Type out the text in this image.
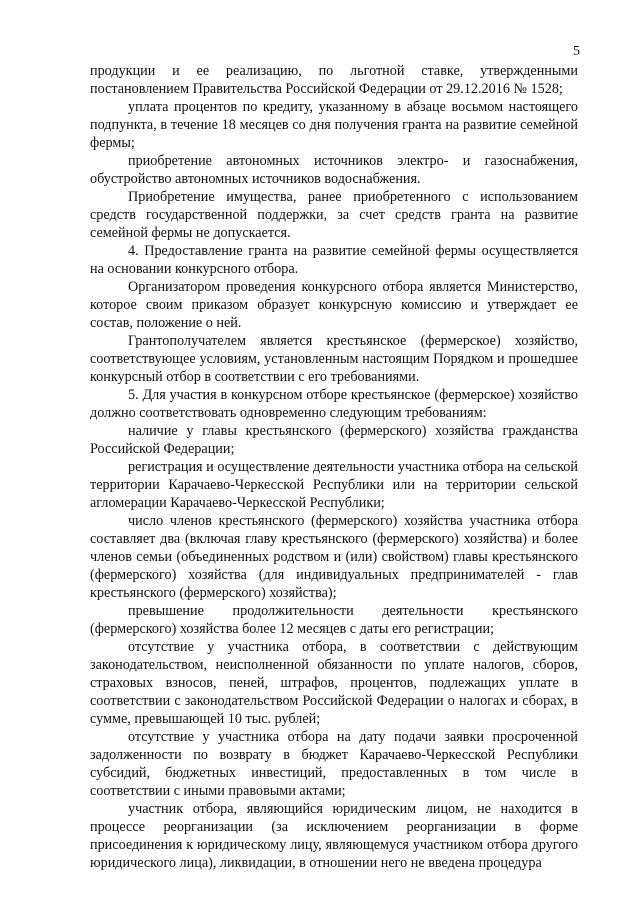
5

продукции и ее реализацию, по льготной ставке, утвержденными постановлением Правительства Российской Федерации от 29.12.2016 № 1528;

уплата процентов по кредиту, указанному в абзаце восьмом настоящего подпункта, в течение 18 месяцев со дня получения гранта на развитие семейной фермы;

приобретение автономных источников электро- и газоснабжения, обустройство автономных источников водоснабжения.

Приобретение имущества, ранее приобретенного с использованием средств государственной поддержки, за счет средств гранта на развитие семейной фермы не допускается.

4. Предоставление гранта на развитие семейной фермы осуществляется на основании конкурсного отбора.

Организатором проведения конкурсного отбора является Министерство, которое своим приказом образует конкурсную комиссию и утверждает ее состав, положение о ней.

Грантополучателем является крестьянское (фермерское) хозяйство, соответствующее условиям, установленным настоящим Порядком и прошедшее конкурсный отбор в соответствии с его требованиями.

5. Для участия в конкурсном отборе крестьянское (фермерское) хозяйство должно соответствовать одновременно следующим требованиям:

наличие у главы крестьянского (фермерского) хозяйства гражданства Российской Федерации;

регистрация и осуществление деятельности участника отбора на сельской территории Карачаево-Черкесской Республики или на территории сельской агломерации Карачаево-Черкесской Республики;

число членов крестьянского (фермерского) хозяйства участника отбора составляет два (включая главу крестьянского (фермерского) хозяйства) и более членов семьи (объединенных родством и (или) свойством) главы крестьянского (фермерского) хозяйства (для индивидуальных предпринимателей - глав крестьянского (фермерского) хозяйства);

превышение продолжительности деятельности крестьянского (фермерского) хозяйства более 12 месяцев с даты его регистрации;

отсутствие у участника отбора, в соответствии с действующим законодательством, неисполненной обязанности по уплате налогов, сборов, страховых взносов, пеней, штрафов, процентов, подлежащих уплате в соответствии с законодательством Российской Федерации о налогах и сборах, в сумме, превышающей 10 тыс. рублей;

отсутствие у участника отбора на дату подачи заявки просроченной задолженности по возврату в бюджет Карачаево-Черкесской Республики субсидий, бюджетных инвестиций, предоставленных в том числе в соответствии с иными правовыми актами;

участник отбора, являющийся юридическим лицом, не находится в процессе реорганизации (за исключением реорганизации в форме присоединения к юридическому лицу, являющемуся участником отбора другого юридического лица), ликвидации, в отношении него не введена процедура
